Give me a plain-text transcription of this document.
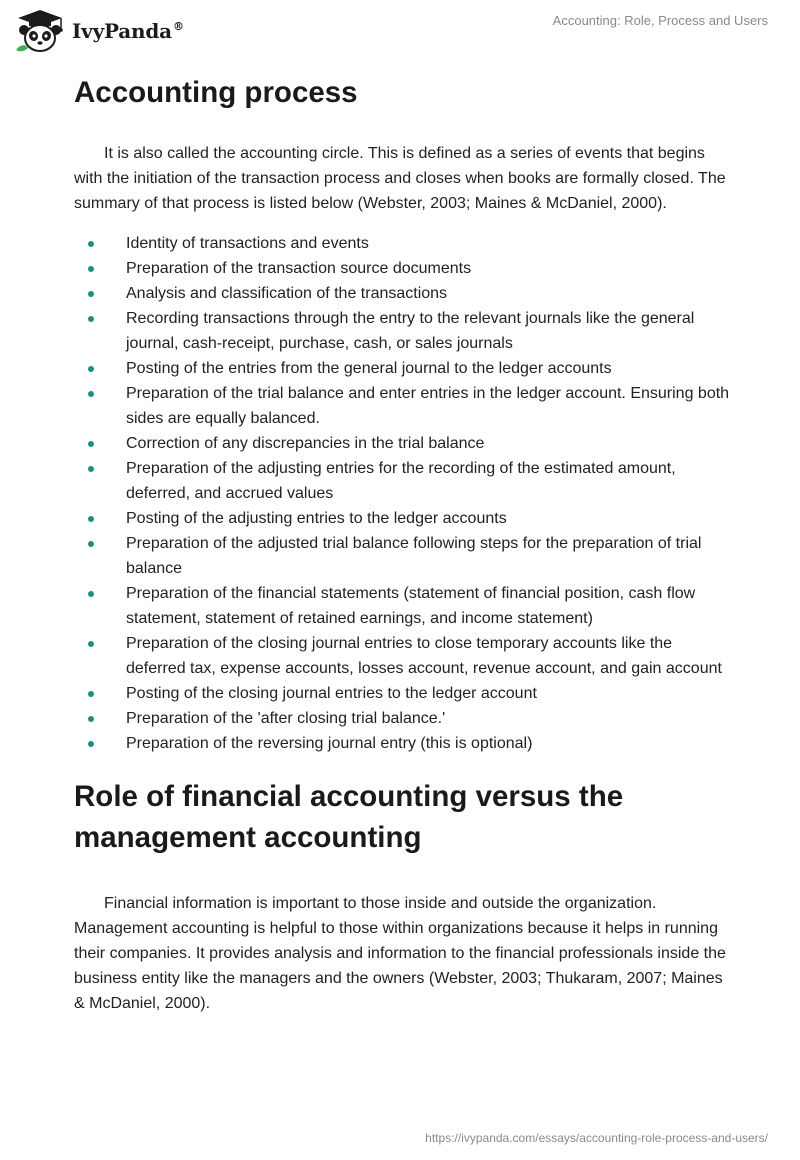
IvyPanda®	Accounting: Role, Process and Users
Accounting process

It is also called the accounting circle. This is defined as a series of events that begins with the initiation of the transaction process and closes when books are formally closed. The summary of that process is listed below (Webster, 2003; Maines & McDaniel, 2000).

Identity of transactions and events
Preparation of the transaction source documents
Analysis and classification of the transactions
Recording transactions through the entry to the relevant journals like the general journal, cash-receipt, purchase, cash, or sales journals
Posting of the entries from the general journal to the ledger accounts
Preparation of the trial balance and enter entries in the ledger account. Ensuring both sides are equally balanced.
Correction of any discrepancies in the trial balance
Preparation of the adjusting entries for the recording of the estimated amount, deferred, and accrued values
Posting of the adjusting entries to the ledger accounts
Preparation of the adjusted trial balance following steps for the preparation of trial balance
Preparation of the financial statements (statement of financial position, cash flow statement, statement of retained earnings, and income statement)
Preparation of the closing journal entries to close temporary accounts like the deferred tax, expense accounts, losses account, revenue account, and gain account
Posting of the closing journal entries to the ledger account
Preparation of the 'after closing trial balance.'
Preparation of the reversing journal entry (this is optional)
Role of financial accounting versus the management accounting

Financial information is important to those inside and outside the organization. Management accounting is helpful to those within organizations because it helps in running their companies. It provides analysis and information to the financial professionals inside the business entity like the managers and the owners (Webster, 2003; Thukaram, 2007; Maines & McDaniel, 2000).

https://ivypanda.com/essays/accounting-role-process-and-users/
